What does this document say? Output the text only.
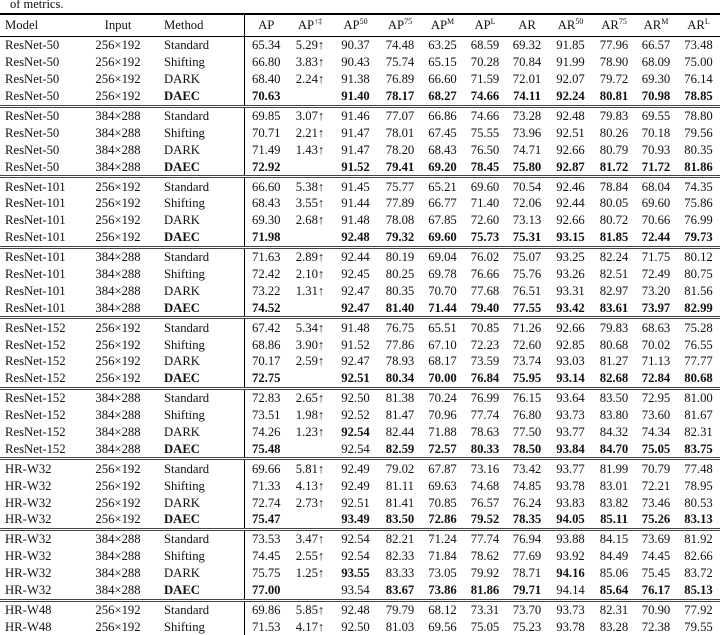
of metrics.
Model	Input	Method	AP	AP↑‡	AP$^{50}$	AP$^{75}$	$AP^M$	$AP^L$	AR	AR$^{50}$	AR$^{75}$	$AR^M$	$AR^L$
ResNet-50	256×192	Standard	65.34	5.29↑	90.37	74.48	63.25	68.59	69.32	91.85	77.96	66.57	73.48
ResNet-50	256×192	Shifting	66.80	3.83↑	90.43	75.74	65.15	70.28	70.84	91.99	78.90	68.09	75.00
ResNet-50	256×192	DARK	68.40	2.24↑	91.38	76.89	66.60	71.59	72.01	92.07	79.72	69.30	76.14
ResNet-50	256×192	DAEC	70.63		91.40	78.17	68.27	74.66	74.11	92.24	80.81	70.98	78.85
ResNet-50	384×288	Standard	69.85	3.07↑	91.46	77.07	66.86	74.66	73.28	92.48	79.83	69.55	78.80
ResNet-50	384×288	Shifting	70.71	2.21↑	91.47	78.01	67.45	75.55	73.96	92.51	80.26	70.18	79.56
ResNet-50	384×288	DARK	71.49	1.43↑	91.47	78.20	68.43	76.50	74.71	92.66	80.79	70.93	80.35
ResNet-50	384×288	DAEC	72.92		91.52	79.41	69.20	78.45	75.80	92.87	81.72	71.72	81.86
ResNet-101	256×192	Standard	66.60	5.38↑	91.45	75.77	65.21	69.60	70.54	92.46	78.84	68.04	74.35
ResNet-101	256×192	Shifting	68.43	3.55↑	91.44	77.89	66.77	71.40	72.06	92.44	80.05	69.60	75.86
ResNet-101	256×192	DARK	69.30	2.68↑	91.48	78.08	67.85	72.60	73.13	92.66	80.72	70.66	76.99
ResNet-101	256×192	DAEC	71.98		92.48	79.32	69.60	75.73	75.31	93.15	81.85	72.44	79.73
ResNet-101	384×288	Standard	71.63	2.89↑	92.44	80.19	69.04	76.02	75.07	93.25	82.24	71.75	80.12
ResNet-101	384×288	Shifting	72.42	2.10↑	92.45	80.25	69.78	76.66	75.76	93.26	82.51	72.49	80.75
ResNet-101	384×288	DARK	73.22	1.31↑	92.47	80.35	70.70	77.68	76.51	93.31	82.97	73.20	81.56
ResNet-101	384×288	DAEC	74.52		92.47	81.40	71.44	79.40	77.55	93.42	83.61	73.97	82.99
ResNet-152	256×192	Standard	67.42	5.34↑	91.48	76.75	65.51	70.85	71.26	92.66	79.83	68.63	75.28
ResNet-152	256×192	Shifting	68.86	3.90↑	91.52	77.86	67.10	72.23	72.60	92.85	80.68	70.02	76.55
ResNet-152	256×192	DARK	70.17	2.59↑	92.47	78.93	68.17	73.59	73.74	93.03	81.27	71.13	77.77
ResNet-152	256×192	DAEC	72.75		92.51	80.34	70.00	76.84	75.95	93.14	82.68	72.84	80.68
ResNet-152	384×288	Standard	72.83	2.65↑	92.50	81.38	70.24	76.99	76.15	93.64	83.50	72.95	81.00
ResNet-152	384×288	Shifting	73.51	1.98↑	92.52	81.47	70.96	77.74	76.80	93.73	83.80	73.60	81.67
ResNet-152	384×288	DARK	74.26	1.23↑	92.54	82.44	71.88	78.63	77.50	93.77	84.32	74.34	82.31
ResNet-152	384×288	DAEC	75.48		92.54	82.59	72.57	80.33	78.50	93.84	84.70	75.05	83.75
HR-W32	256×192	Standard	69.66	5.81↑	92.49	79.02	67.87	73.16	73.42	93.77	81.99	70.79	77.48
HR-W32	256×192	Shifting	71.33	4.13↑	92.49	81.11	69.63	74.68	74.85	93.78	83.01	72.21	78.95
HR-W32	256×192	DARK	72.74	2.73↑	92.51	81.41	70.85	76.57	76.24	93.83	83.82	73.46	80.53
HR-W32	256×192	DAEC	75.47		93.49	83.50	72.86	79.52	78.35	94.05	85.11	75.26	83.13
HR-W32	384×288	Standard	73.53	3.47↑	92.54	82.21	71.24	77.74	76.94	93.88	84.15	73.69	81.92
HR-W32	384×288	Shifting	74.45	2.55↑	92.54	82.33	71.84	78.62	77.69	93.92	84.49	74.45	82.66
HR-W32	384×288	DARK	75.75	1.25↑	93.55	83.33	73.05	79.92	78.71	94.16	85.06	75.45	83.72
HR-W32	384×288	DAEC	77.00		93.54	83.67	73.86	81.86	79.71	94.14	85.64	76.17	85.13
HR-W48	256×192	Standard	69.86	5.85↑	92.48	79.79	68.12	73.31	73.70	93.73	82.31	70.90	77.92
HR-W48	256×192	Shifting	71.53	4.17↑	92.50	81.03	69.56	75.05	75.23	93.78	83.28	72.38	79.55
